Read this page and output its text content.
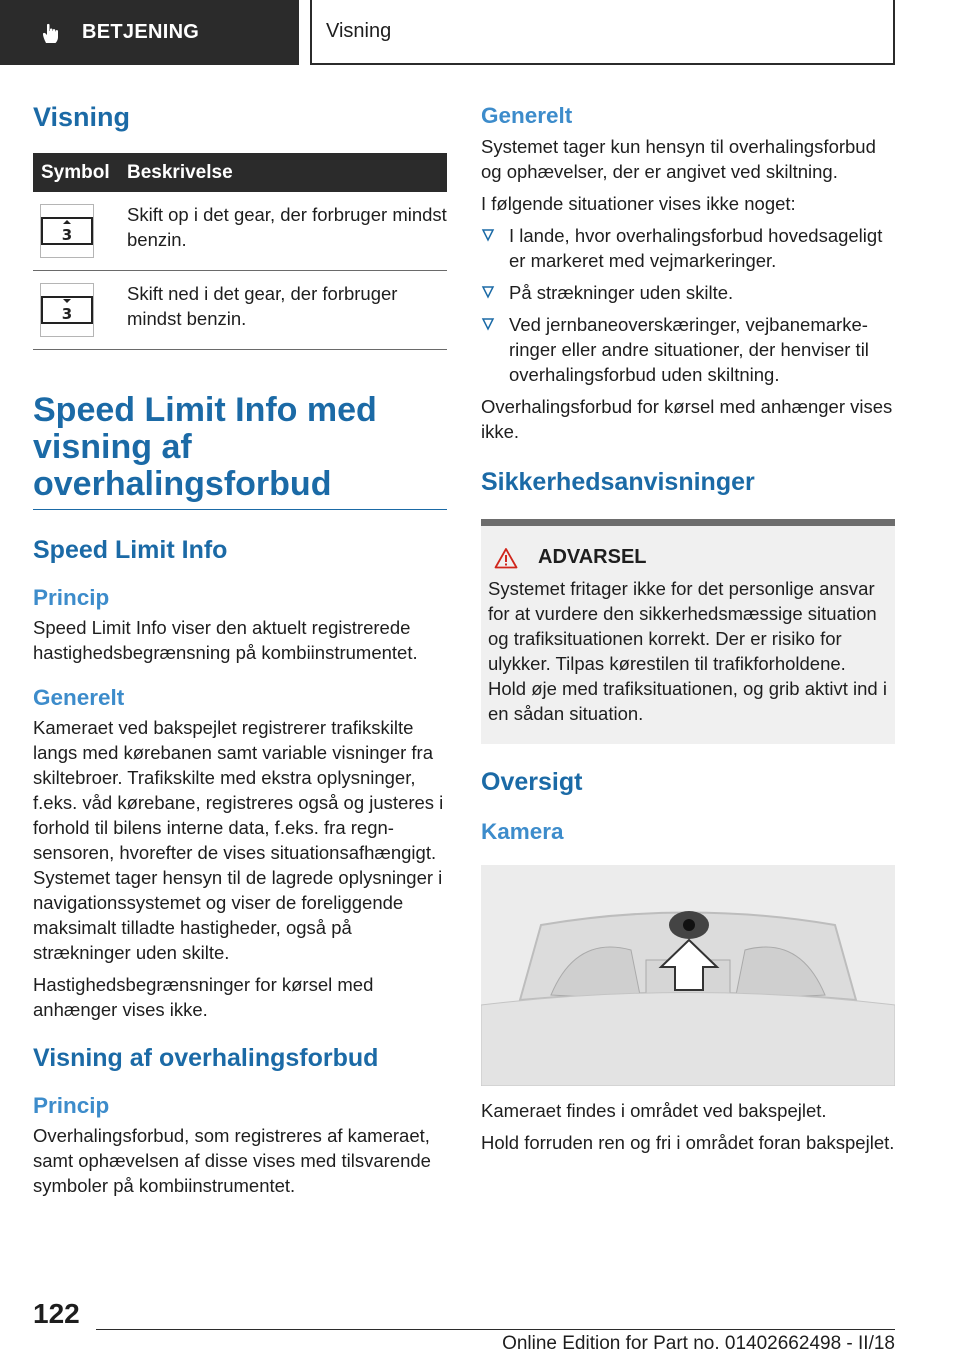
BETJENING	Visning
Visning
Symbol	Beskrivelse

3	Skift op i det gear, der forbruger mindst benzin.

3	Skift ned i det gear, der forbruger mindst benzin.
Speed Limit Info med visning af overhalingsforbud
Speed Limit Info
Princip

Speed Limit Info viser den aktuelt registrerede hastighedsbegrænsning på kombiinstrumentet.

Generelt

Kameraet ved bakspejlet registrerer trafikskilte langs med kørebanen samt variable visninger fra skiltebroer. Trafikskilte med ekstra oplysninger, f.eks. våd kørebane, registreres også og justeres i forhold til bilens interne data, f.eks. fra regnsensoren, hvorefter de vises situationsafhængigt. Systemet tager hensyn til de lagrede oplysninger i navigationssystemet og viser de foreliggende maksimalt tilladte hastigheder, også på strækninger uden skilte.

Hastighedsbegrænsninger for kørsel med anhænger vises ikke.

Visning af overhalingsforbud
Princip

Overhalingsforbud, som registreres af kameraet, samt ophævelsen af disse vises med tilsvarende symboler på kombiinstrumentet.

Generelt

Systemet tager kun hensyn til overhalingsforbud og ophævelser, der er angivet ved skiltning.

I følgende situationer vises ikke noget:

I lande, hvor overhalingsforbud hovedsageligt er markeret med vejmarkeringer.
På strækninger uden skilte.
Ved jernbaneoverskæringer, vejbanemarkeringer eller andre situationer, der henviser til overhalingsforbud uden skiltning.

Overhalingsforbud for kørsel med anhænger vises ikke.

Sikkerhedsanvisninger
ADVARSEL

Systemet fritager ikke for det personlige ansvar for at vurdere den sikkerhedsmæssige situation og trafiksituationen korrekt. Der er risiko for ulykker. Tilpas kørestilen til trafikforholdene.

Hold øje med trafiksituationen, og grib aktivt ind i en sådan situation.

Oversigt
Kamera

Kameraet findes i området ved bakspejlet.

Hold forruden ren og fri i området foran bakspejlet.

122
Online Edition for Part no. 01402662498 - II/18
